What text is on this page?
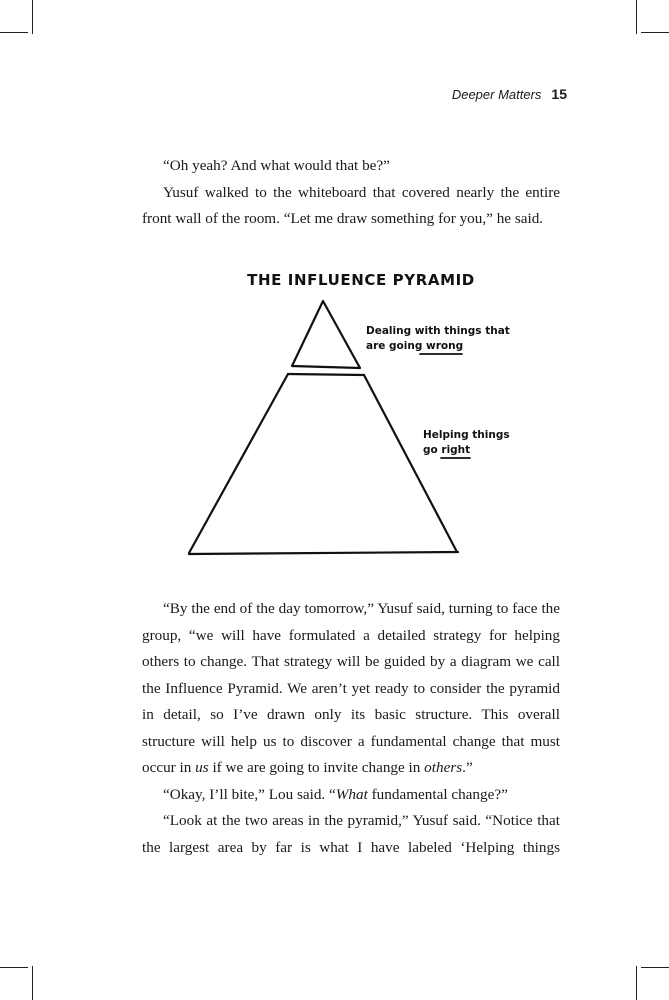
Deeper Matters 15

“Oh yeah? And what would that be?”

Yusuf walked to the whiteboard that covered nearly the entire front wall of the room. “Let me draw something for you,” he said.

THE INFLUENCE PYRAMID
Dealing with things that are going wrong
Helping things go right

“By the end of the day tomorrow,” Yusuf said, turning to face the group, “we will have formulated a detailed strategy for helping others to change. That strategy will be guided by a diagram we call the Influence Pyramid. We aren’t yet ready to consider the pyramid in detail, so I’ve drawn only its basic structure. This overall structure will help us to discover a fundamental change that must occur in us if we are going to invite change in others.”

“Okay, I’ll bite,” Lou said. “What fundamental change?”

“Look at the two areas in the pyramid,” Yusuf said. “Notice that the largest area by far is what I have labeled ‘Helping things
